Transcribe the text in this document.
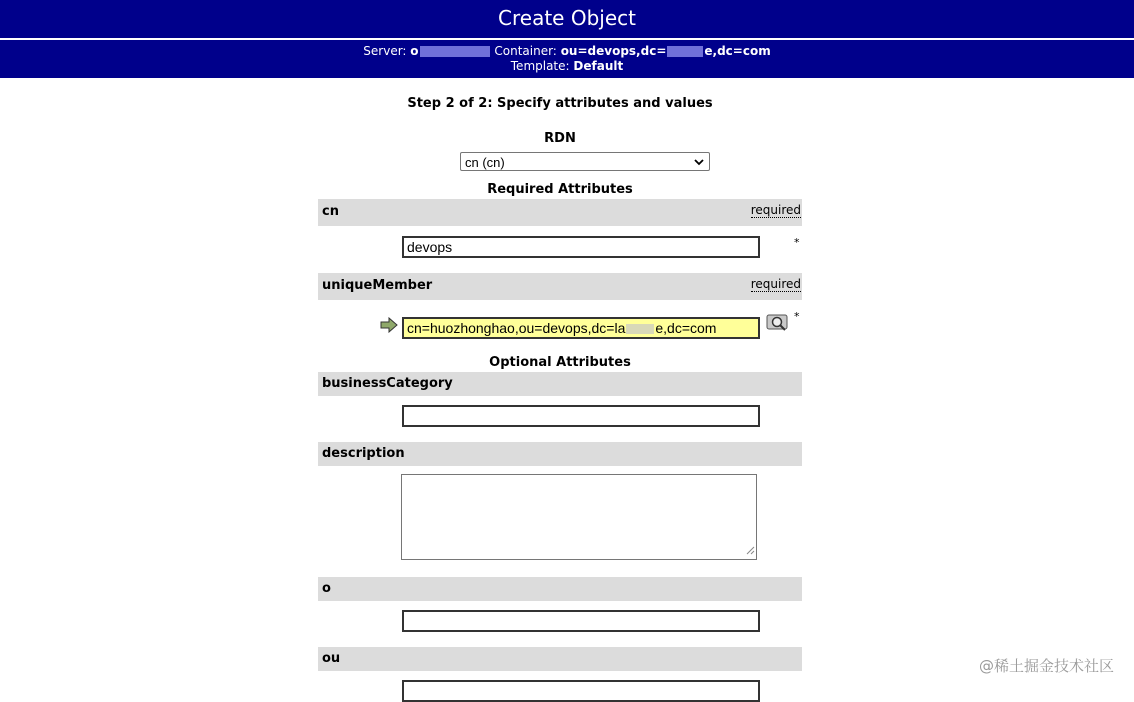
Create Object
Server: o	Container: ou=devops,dc=	e,dc=com
Template: Default
Step 2 of 2: Specify attributes and values
RDN
cn (cn)
Required Attributes
cn	required
devops	*
uniqueMember	required
cn=huozhonghao,ou=devops,dc=la e,dc=com
*
Optional Attributes
businessCategory
description
o
ou	@稀土掘金技术社区
